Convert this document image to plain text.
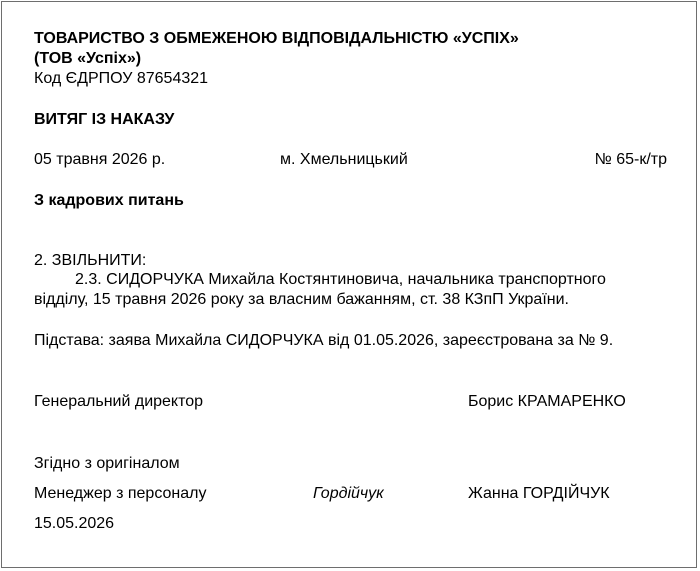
ТОВАРИСТВО З ОБМЕЖЕНОЮ ВІДПОВІДАЛЬНІСТЮ «УСПІХ»
(ТОВ «Успіх»)
Код ЄДРПОУ 87654321
ВИТЯГ ІЗ НАКАЗУ
05 травня 2026 р.	м. Хмельницький	№ 65-к/тр
З кадрових питань
2. ЗВІЛЬНИТИ:
2.3. СИДОРЧУКА Михайла Костянтиновича, начальника транспортного
відділу, 15 травня 2026 року за власним бажанням, ст. 38 КЗпП України.
Підстава: заява Михайла СИДОРЧУКА від 01.05.2026, зареєстрована за № 9.
Генеральний директор	Борис КРАМАРЕНКО
Згідно з оригіналом
Менеджер з персоналу	Гордійчук	Жанна ГОРДІЙЧУК
15.05.2026
